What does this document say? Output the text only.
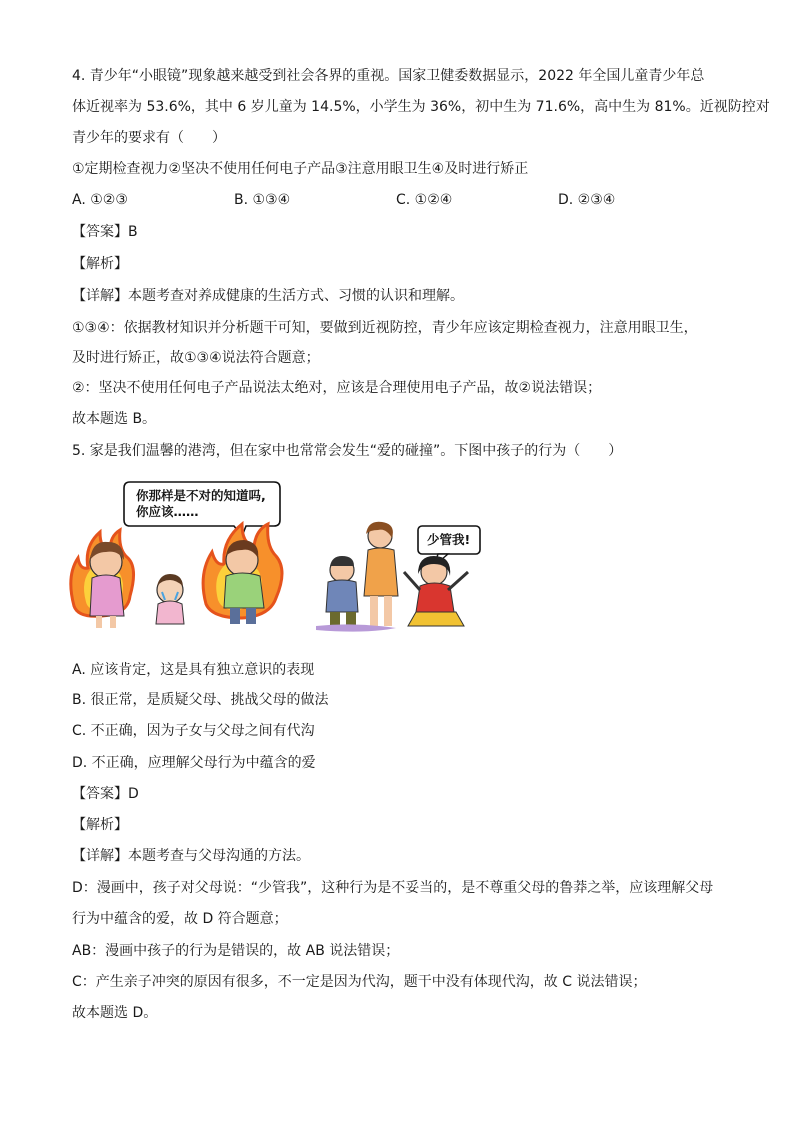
4. 青少年“小眼镜”现象越来越受到社会各界的重视。国家卫健委数据显示，2022 年全国儿童青少年总
体近视率为 53.6%，其中 6 岁儿童为 14.5%，小学生为 36%，初中生为 71.6%，高中生为 81%。近视防控对
青少年的要求有（　　）
①定期检查视力②坚决不使用任何电子产品③注意用眼卫生④及时进行矫正
A. ①②③	B. ①③④	C. ①②④	D. ②③④
【答案】B
【解析】
【详解】本题考查对养成健康的生活方式、习惯的认识和理解。
①③④：依据教材知识并分析题干可知，要做到近视防控，青少年应该定期检查视力，注意用眼卫生，
及时进行矫正，故①③④说法符合题意；
②：坚决不使用任何电子产品说法太绝对，应该是合理使用电子产品，故②说法错误；
故本题选 B。
5. 家是我们温馨的港湾，但在家中也常常会发生“爱的碰撞”。下图中孩子的行为（　　）
你那样是不对的知道吗,
你应该……
少管我!
A. 应该肯定，这是具有独立意识的表现
B. 很正常，是质疑父母、挑战父母的做法
C. 不正确，因为子女与父母之间有代沟
D. 不正确，应理解父母行为中蕴含的爱
【答案】D
【解析】
【详解】本题考查与父母沟通的方法。
D：漫画中，孩子对父母说：“少管我”，这种行为是不妥当的，是不尊重父母的鲁莽之举，应该理解父母
行为中蕴含的爱，故 D 符合题意；
AB：漫画中孩子的行为是错误的，故 AB 说法错误；
C：产生亲子冲突的原因有很多，不一定是因为代沟，题干中没有体现代沟，故 C 说法错误；
故本题选 D。
